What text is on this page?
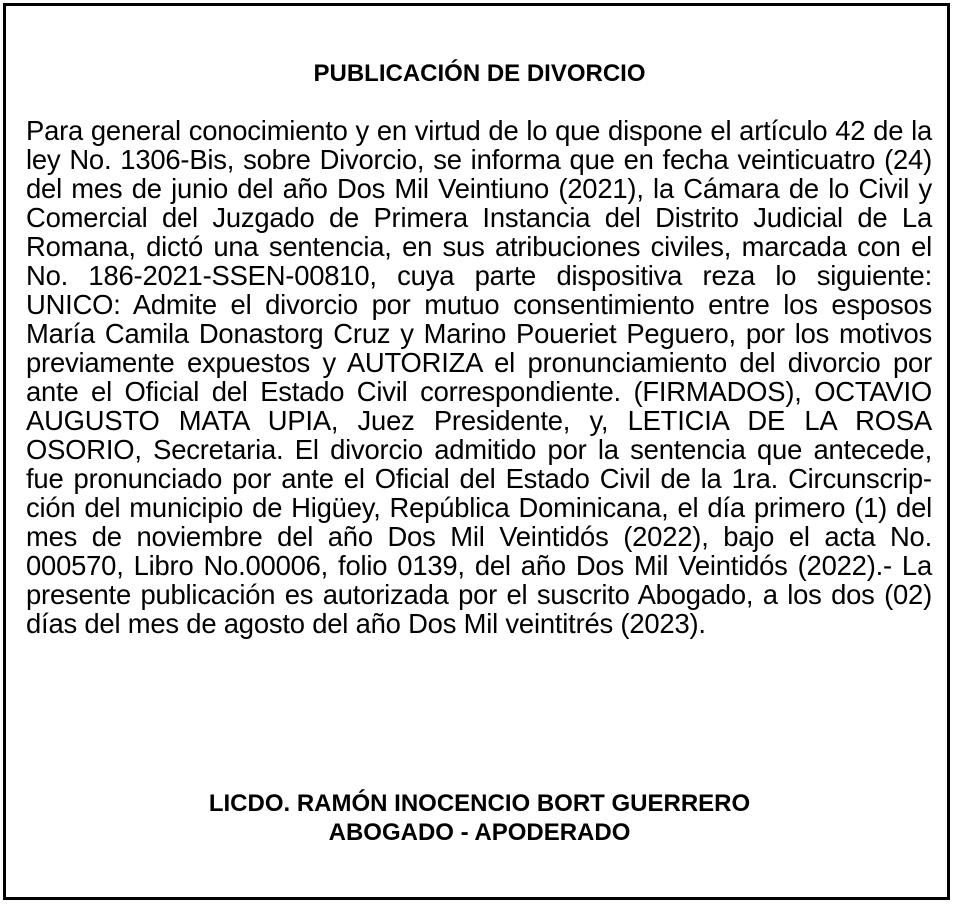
PUBLICACIÓN DE DIVORCIO

Para general conocimiento y en virtud de lo que dispone el artículo 42 de la ley No. 1306-Bis, sobre Divorcio, se informa que en fecha veinticuatro (24) del mes de junio del año Dos Mil Veintiuno (2021), la Cámara de lo Civil y Comercial del Juzgado de Primera Instancia del Distrito Judicial de La Romana, dictó una sentencia, en sus atribuciones civiles, marcada con el No. 186-2021-SSEN-00810, cuya parte dispositiva reza lo siguiente: UNICO: Admite el divorcio por mutuo consentimiento entre los esposos María Camila Donastorg Cruz y Marino Poueriet Peguero, por los motivos previamente expuestos y AUTORIZA el pronunciamiento del divorcio por ante el Oficial del Estado Civil correspondiente. (FIRMADOS), OCTAVIO AUGUSTO MATA UPIA, Juez Presidente, y, LETICIA DE LA ROSA OSORIO, Secretaria. El divorcio admitido por la sentencia que antecede, fue pronunciado por ante el Oficial del Estado Civil de la 1ra. Circunscripción del municipio de Higüey, República Dominicana, el día primero (1) del mes de noviembre del año Dos Mil Veintidós (2022), bajo el acta No. 000570, Libro No.00006, folio 0139, del año Dos Mil Veintidós (2022).- La presente publicación es autorizada por el suscrito Abogado, a los dos (02) días del mes de agosto del año Dos Mil veintitrés (2023).

LICDO. RAMÓN INOCENCIO BORT GUERRERO

ABOGADO - APODERADO
